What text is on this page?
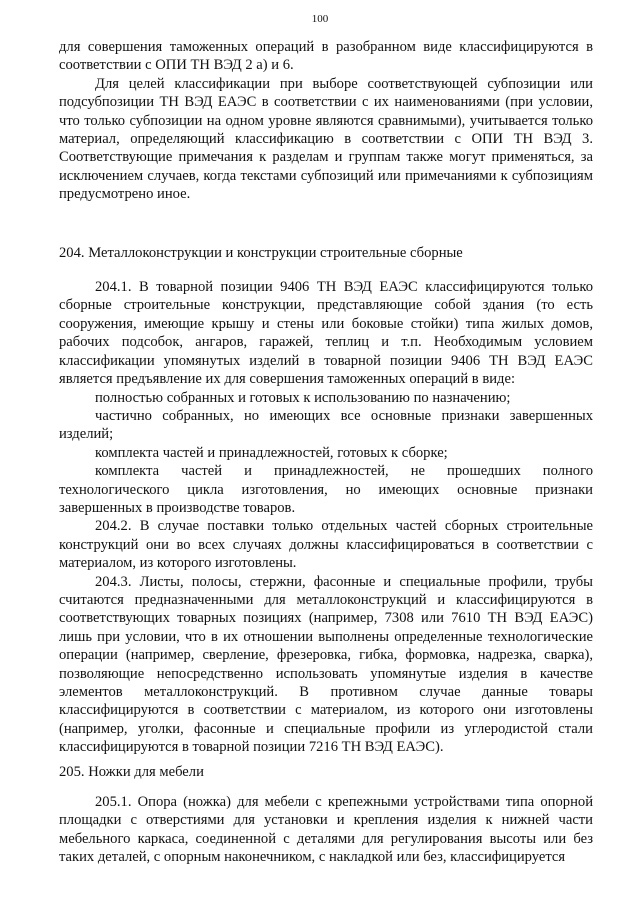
100

для совершения таможенных операций в разобранном виде классифицируются в соответствии с ОПИ ТН ВЭД 2 а) и 6.

Для целей классификации при выборе соответствующей субпозиции или подсубпозиции ТН ВЭД ЕАЭС в соответствии с их наименованиями (при условии, что только субпозиции на одном уровне являются сравнимыми), учитывается только материал, определяющий классификацию в соответствии с ОПИ ТН ВЭД 3. Соответствующие примечания к разделам и группам также могут применяться, за исключением случаев, когда текстами субпозиций или примечаниями к субпозициям предусмотрено иное.

204. Металлоконструкции и конструкции строительные сборные

204.1. В товарной позиции 9406 ТН ВЭД ЕАЭС классифицируются только сборные строительные конструкции, представляющие собой здания (то есть сооружения, имеющие крышу и стены или боковые стойки) типа жилых домов, рабочих подсобок, ангаров, гаражей, теплиц и т.п. Необходимым условием классификации упомянутых изделий в товарной позиции 9406 ТН ВЭД ЕАЭС является предъявление их для совершения таможенных операций в виде:

полностью собранных и готовых к использованию по назначению;

частично собранных, но имеющих все основные признаки завершенных изделий;

комплекта частей и принадлежностей, готовых к сборке;

комплекта частей и принадлежностей, не прошедших полного технологического цикла изготовления, но имеющих основные признаки завершенных в производстве товаров.

204.2. В случае поставки только отдельных частей сборных строительные конструкций они во всех случаях должны классифицироваться в соответствии с материалом, из которого изготовлены.

204.3. Листы, полосы, стержни, фасонные и специальные профили, трубы считаются предназначенными для металлоконструкций и классифицируются в соответствующих товарных позициях (например, 7308 или 7610 ТН ВЭД ЕАЭС) лишь при условии, что в их отношении выполнены определенные технологические операции (например, сверление, фрезеровка, гибка, формовка, надрезка, сварка), позволяющие непосредственно использовать упомянутые изделия в качестве элементов металлоконструкций. В противном случае данные товары классифицируются в соответствии с материалом, из которого они изготовлены (например, уголки, фасонные и специальные профили из углеродистой стали классифицируются в товарной позиции 7216 ТН ВЭД ЕАЭС).

205. Ножки для мебели

205.1. Опора (ножка) для мебели с крепежными устройствами типа опорной площадки с отверстиями для установки и крепления изделия к нижней части мебельного каркаса, соединенной с деталями для регулирования высоты или без таких деталей, с опорным наконечником, с накладкой или без, классифицируется
